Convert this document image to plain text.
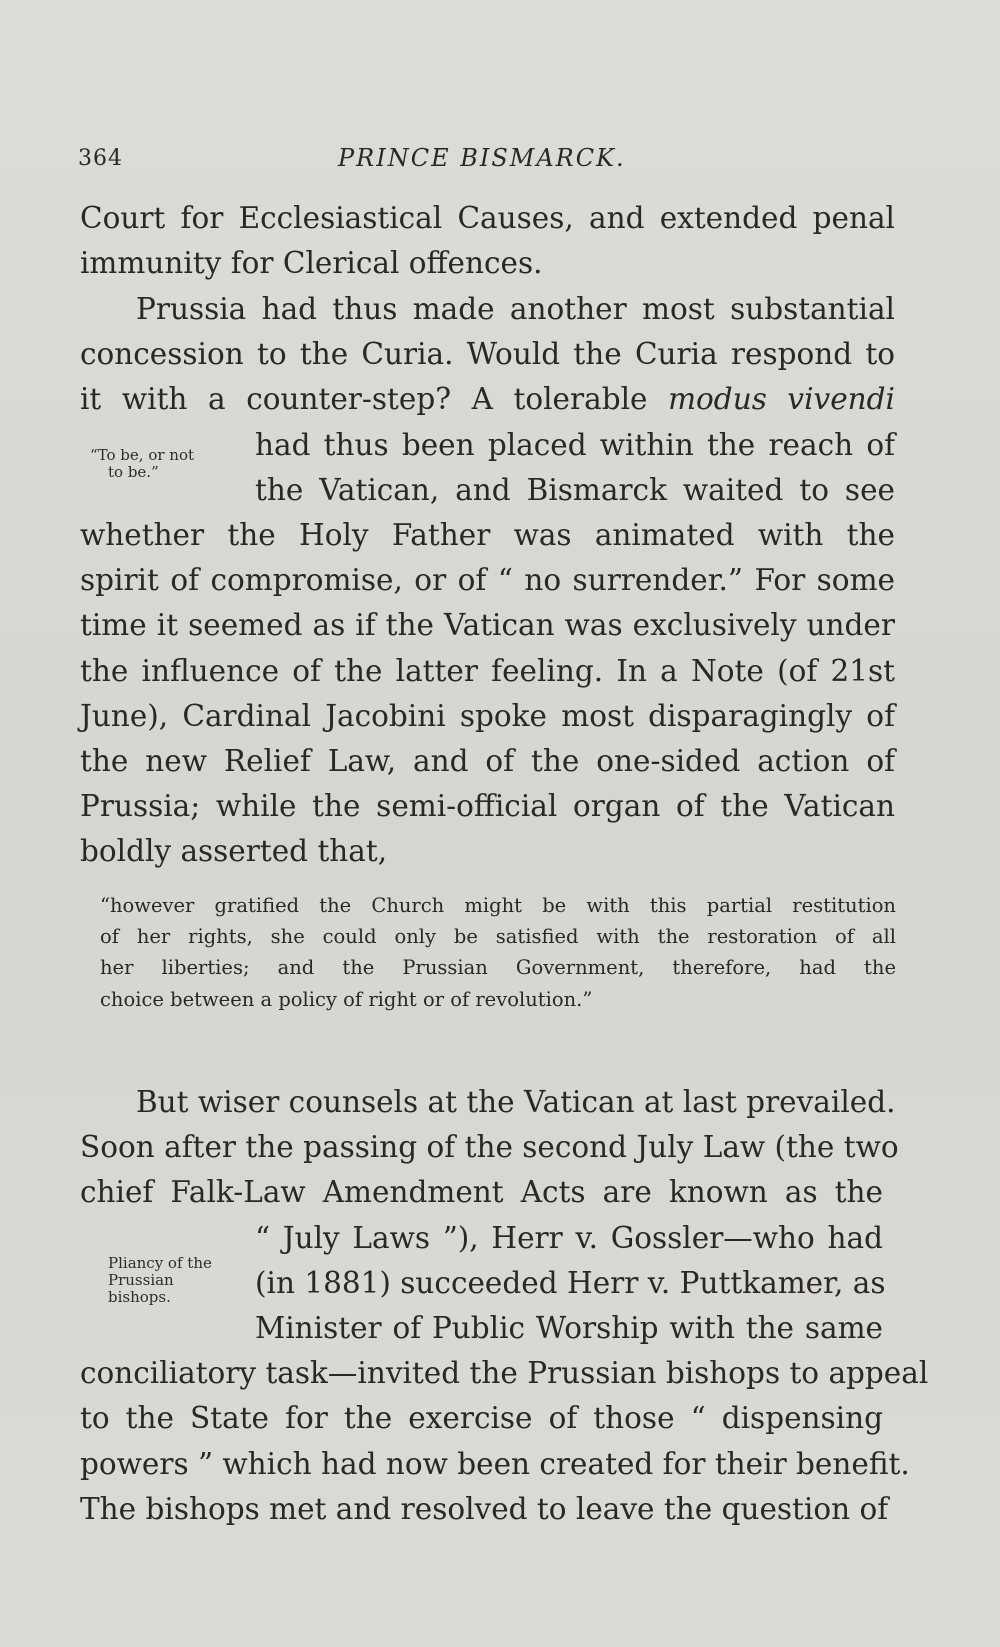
364	PRINCE BISMARCK.

Court for Ecclesiastical Causes, and extended penal
immunity for Clerical offences.

Prussia had thus made another most substantial
concession to the Curia. Would the Curia respond to
it with a counter-step? A tolerable modus vivendi
had thus been placed within the reach of
the Vatican, and Bismarck waited to see
whether the Holy Father was animated with the
spirit of compromise, or of “ no surrender.” For some
time it seemed as if the Vatican was exclusively under
the influence of the latter feeling. In a Note (of 21st
June), Cardinal Jacobini spoke most disparagingly of
the new Relief Law, and of the one-sided action of
Prussia; while the semi-official organ of the Vatican
boldly asserted that,

“To be, or not
to be.”

“however gratified the Church might be with this partial restitution
of her rights, she could only be satisfied with the restoration of all
her liberties; and the Prussian Government, therefore, had the
choice between a policy of right or of revolution.”

But wiser counsels at the Vatican at last prevailed.
Soon after the passing of the second July Law (the two
chief Falk-Law Amendment Acts are known as the
“ July Laws ”), Herr v. Gossler—who had
(in 1881) succeeded Herr v. Puttkamer, as
Minister of Public Worship with the same
conciliatory task—invited the Prussian bishops to appeal
to the State for the exercise of those “ dispensing
powers ” which had now been created for their benefit.
The bishops met and resolved to leave the question of

Pliancy of the
Prussian
bishops.
